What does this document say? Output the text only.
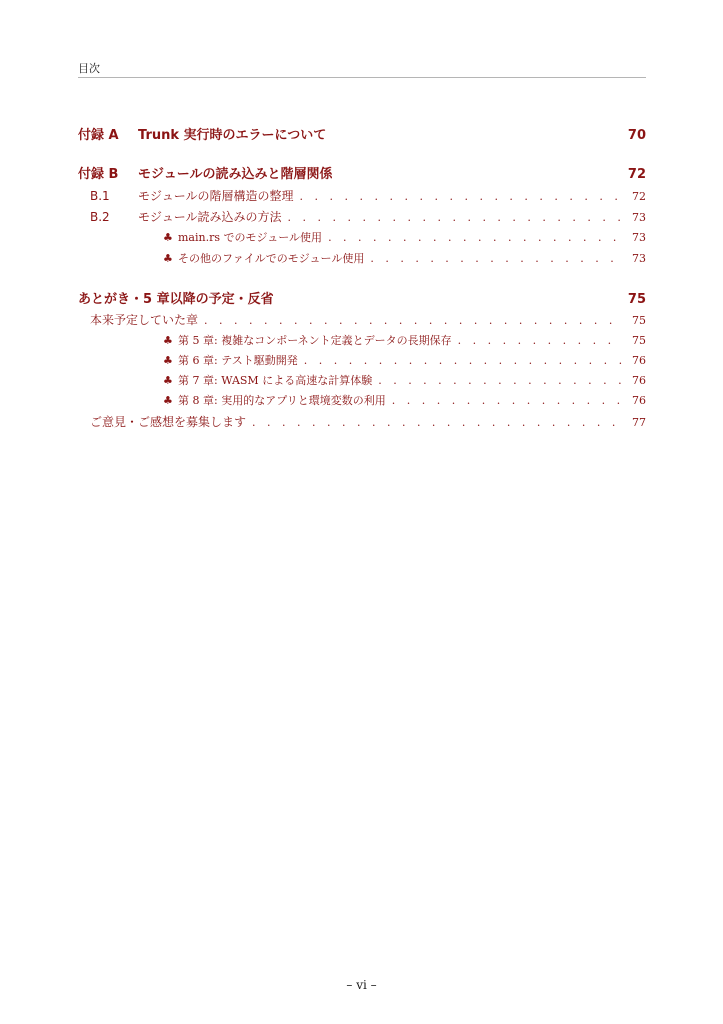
目次
付録 A	Trunk 実行時のエラーについて	70
付録 B	モジュールの読み込みと階層関係	72
B.1	モジュールの階層構造の整理 . . .	72
B.2	モジュール読み込みの方法 . . .	73
♣ main.rs でのモジュール使用 . . .	73
♣ その他のファイルでのモジュール使用 . . .	73
あとがき・5 章以降の予定・反省	75
本来予定していた章 . . .	75
♣ 第 5 章: 複雑なコンポーネント定義とデータの長期保存 . . .	75
♣ 第 6 章: テスト駆動開発 . . .	76
♣ 第 7 章: WASM による高速な計算体験 . . .	76
♣ 第 8 章: 実用的なアプリと環境変数の利用 . . .	76
ご意見・ご感想を募集します . . .	77
– vi –
